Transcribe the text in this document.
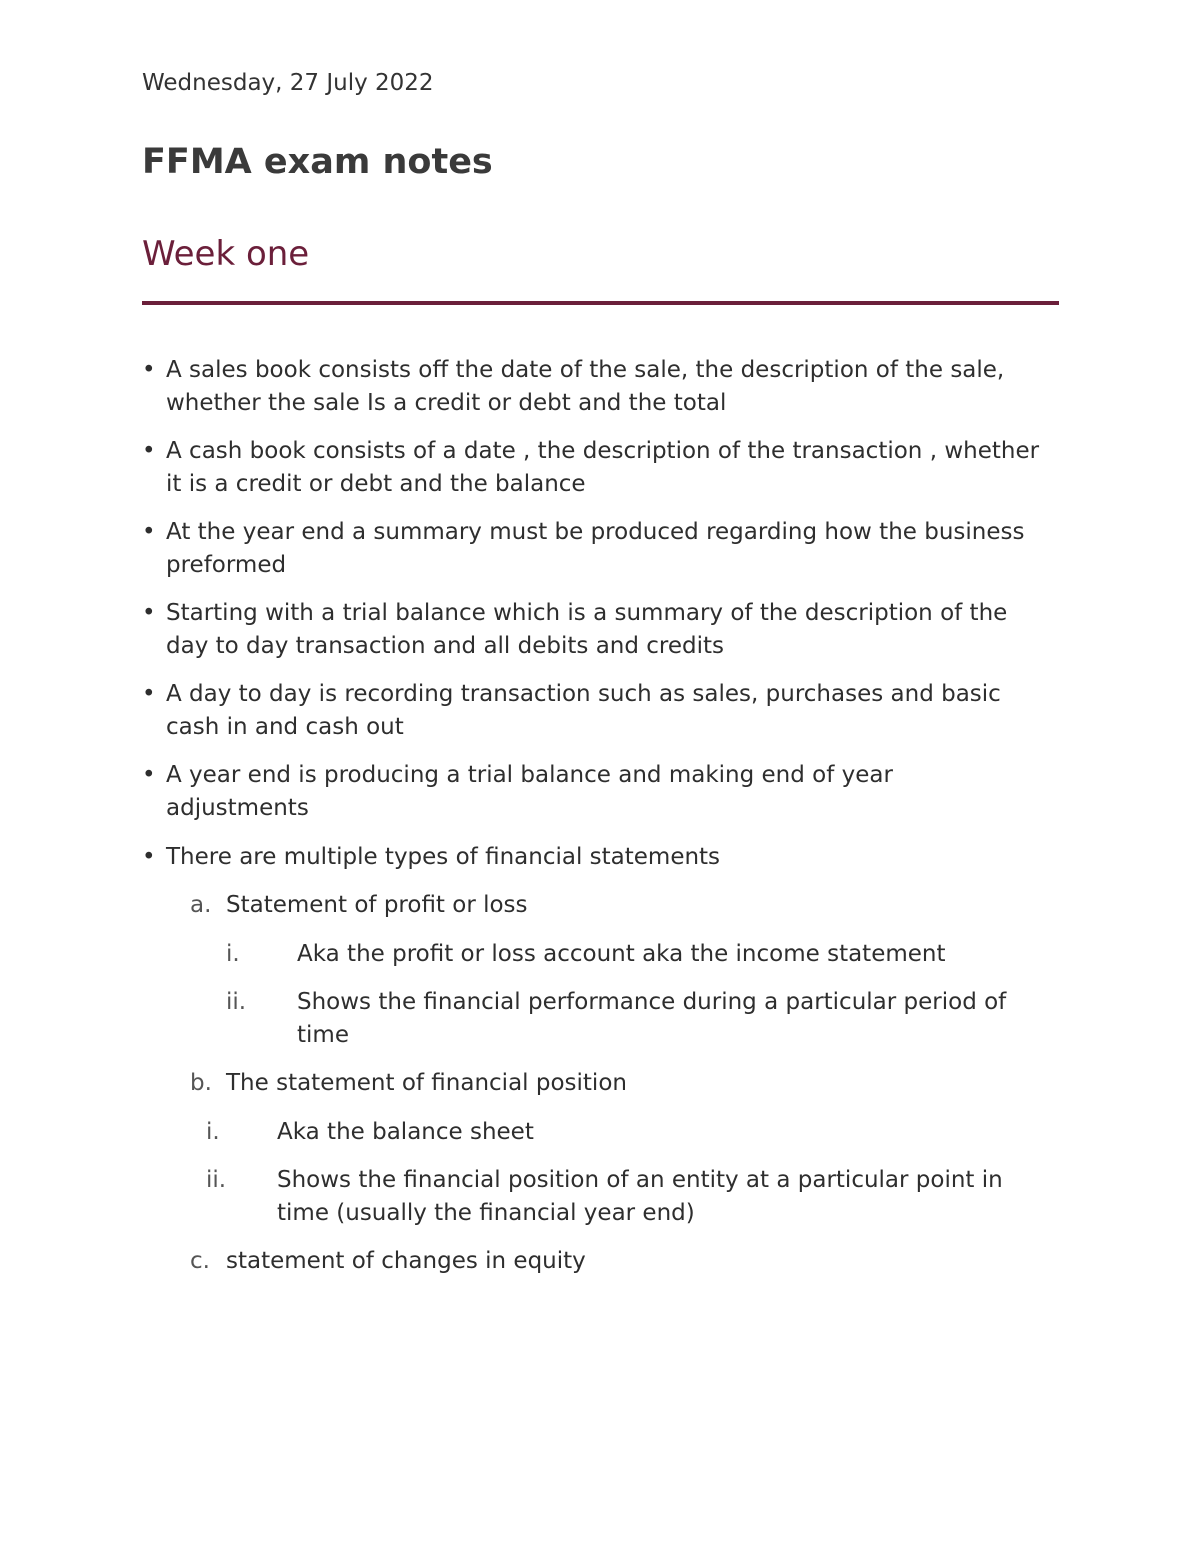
Wednesday, 27 July 2022
FFMA exam notes
Week one
• A sales book consists off the date of the sale, the description of the sale,
whether the sale Is a credit or debt and the total
• A cash book consists of a date , the description of the transaction , whether
it is a credit or debt and the balance
• At the year end a summary must be produced regarding how the business
preformed
• Starting with a trial balance which is a summary of the description of the
day to day transaction and all debits and credits
• A day to day is recording transaction such as sales, purchases and basic
cash in and cash out
• A year end is producing a trial balance and making end of year
adjustments
• There are multiple types of financial statements
a. Statement of profit or loss
i. Aka the profit or loss account aka the income statement
ii. Shows the financial performance during a particular period of
time
b. The statement of financial position
i. Aka the balance sheet
ii. Shows the financial position of an entity at a particular point in
time (usually the financial year end)
c. statement of changes in equity
